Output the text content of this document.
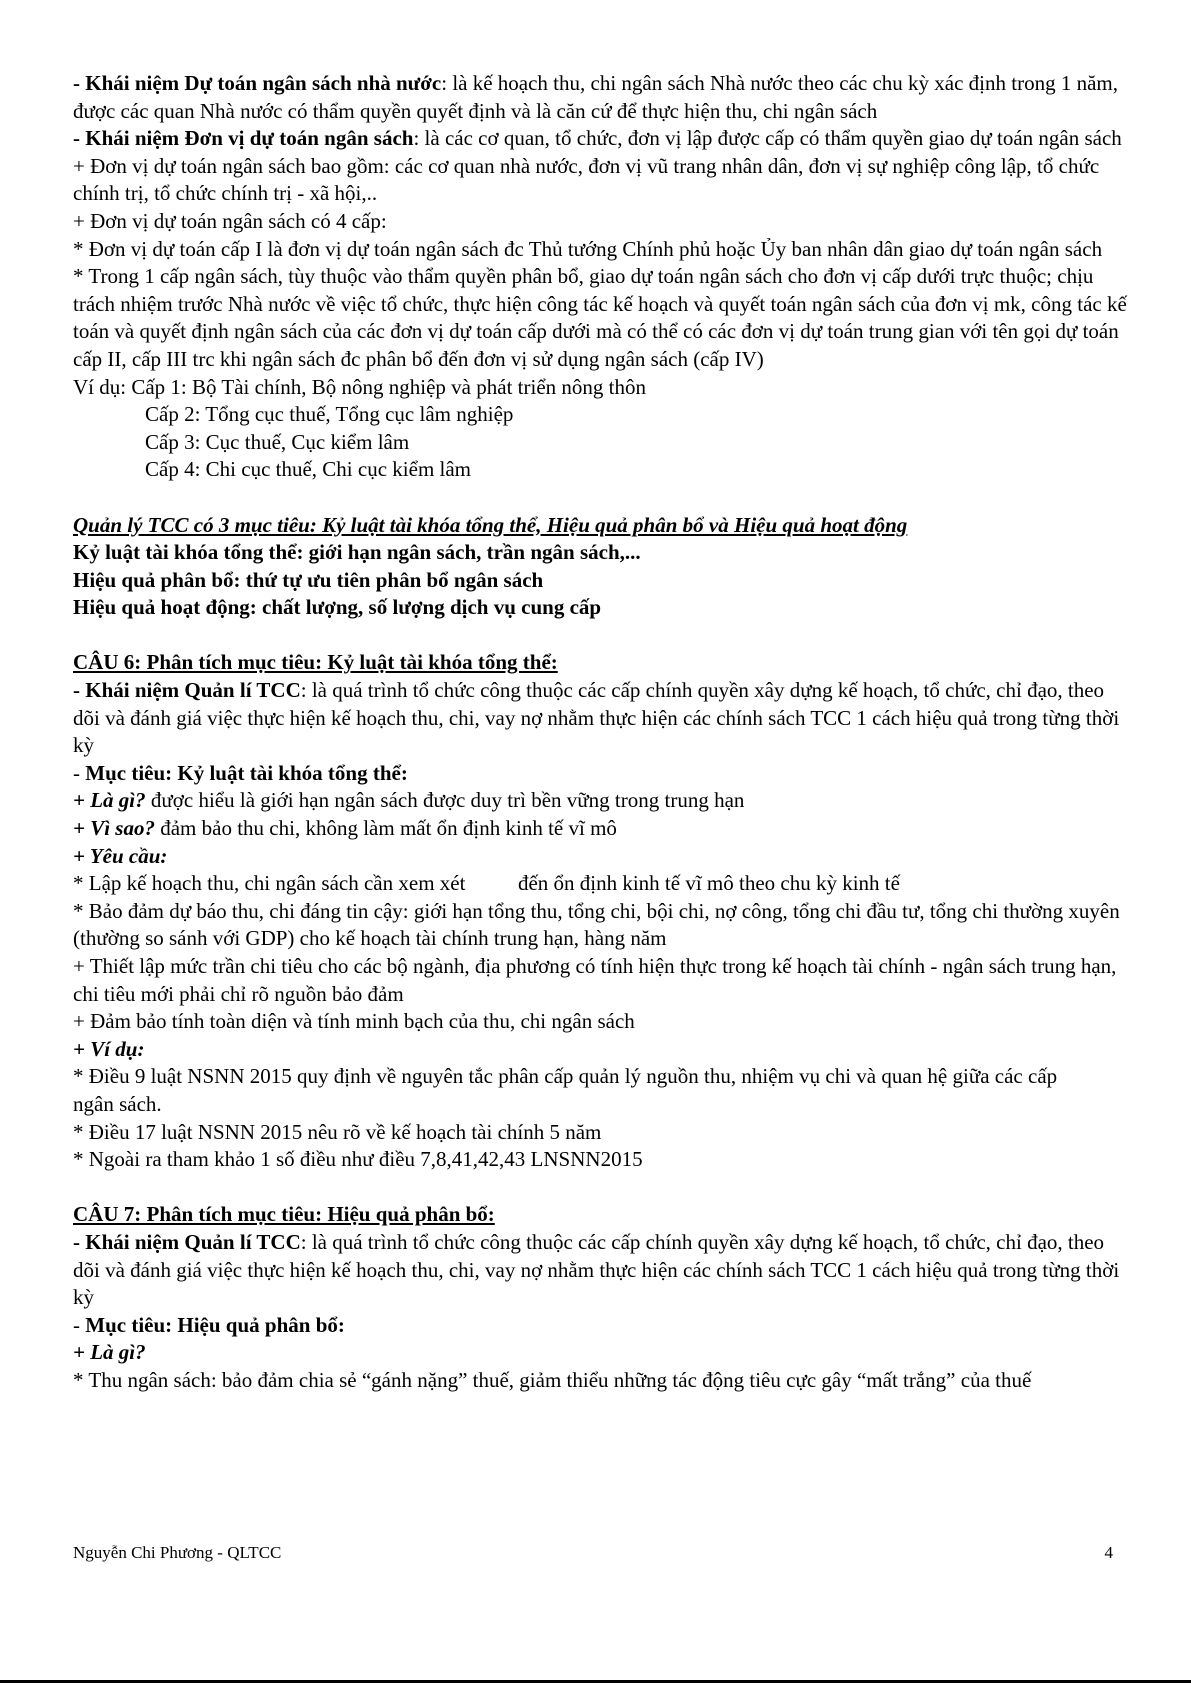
- Khái niệm Dự toán ngân sách nhà nước: là kế hoạch thu, chi ngân sách Nhà nước theo các chu kỳ xác định trong 1 năm, được các quan Nhà nước có thẩm quyền quyết định và là căn cứ để thực hiện thu, chi ngân sách

- Khái niệm Đơn vị dự toán ngân sách: là các cơ quan, tổ chức, đơn vị lập được cấp có thẩm quyền giao dự toán ngân sách

+ Đơn vị dự toán ngân sách bao gồm: các cơ quan nhà nước, đơn vị vũ trang nhân dân, đơn vị sự nghiệp công lập, tổ chức chính trị, tổ chức chính trị - xã hội,..

+ Đơn vị dự toán ngân sách có 4 cấp:

* Đơn vị dự toán cấp I là đơn vị dự toán ngân sách đc Thủ tướng Chính phủ hoặc Ủy ban nhân dân giao dự toán ngân sách

* Trong 1 cấp ngân sách, tùy thuộc vào thẩm quyền phân bổ, giao dự toán ngân sách cho đơn vị cấp dưới trực thuộc; chịu trách nhiệm trước Nhà nước về việc tổ chức, thực hiện công tác kế hoạch và quyết toán ngân sách của đơn vị mk, công tác kế toán và quyết định ngân sách của các đơn vị dự toán cấp dưới mà có thể có các đơn vị dự toán trung gian với tên gọi dự toán cấp II, cấp III trc khi ngân sách đc phân bổ đến đơn vị sử dụng ngân sách (cấp IV)

Ví dụ: Cấp 1: Bộ Tài chính, Bộ nông nghiệp và phát triển nông thôn

Cấp 2: Tổng cục thuế, Tổng cục lâm nghiệp

Cấp 3: Cục thuế, Cục kiểm lâm

Cấp 4: Chi cục thuế, Chi cục kiểm lâm

Quản lý TCC có 3 mục tiêu: Kỷ luật tài khóa tổng thể, Hiệu quả phân bổ và Hiệu quả hoạt động

Kỷ luật tài khóa tổng thể: giới hạn ngân sách, trần ngân sách,...

Hiệu quả phân bổ: thứ tự ưu tiên phân bổ ngân sách

Hiệu quả hoạt động: chất lượng, số lượng dịch vụ cung cấp

CÂU 6: Phân tích mục tiêu: Kỷ luật tài khóa tổng thể:

- Khái niệm Quản lí TCC: là quá trình tổ chức công thuộc các cấp chính quyền xây dựng kế hoạch, tổ chức, chỉ đạo, theo dõi và đánh giá việc thực hiện kế hoạch thu, chi, vay nợ nhằm thực hiện các chính sách TCC 1 cách hiệu quả trong từng thời kỳ

- Mục tiêu: Kỷ luật tài khóa tổng thể:

+ Là gì? được hiểu là giới hạn ngân sách được duy trì bền vững trong trung hạn

+ Vì sao? đảm bảo thu chi, không làm mất ổn định kinh tế vĩ mô

+ Yêu cầu:

* Lập kế hoạch thu, chi ngân sách cần xem xét          đến ổn định kinh tế vĩ mô theo chu kỳ kinh tế

* Bảo đảm dự báo thu, chi đáng tin cậy: giới hạn tổng thu, tổng chi, bội chi, nợ công, tổng chi đầu tư, tổng chi thường xuyên (thường so sánh với GDP) cho kế hoạch tài chính trung hạn, hàng năm

+ Thiết lập mức trần chi tiêu cho các bộ ngành, địa phương có tính hiện thực trong kế hoạch tài chính - ngân sách trung hạn, chi tiêu mới phải chỉ rõ nguồn bảo đảm

+ Đảm bảo tính toàn diện và tính minh bạch của thu, chi ngân sách

+ Ví dụ:

* Điều 9 luật NSNN 2015 quy định về nguyên tắc phân cấp quản lý nguồn thu, nhiệm vụ chi và quan hệ giữa các cấp ngân sách.

* Điều 17 luật NSNN 2015 nêu rõ về kế hoạch tài chính 5 năm

* Ngoài ra tham khảo 1 số điều như điều 7,8,41,42,43 LNSNN2015

CÂU 7: Phân tích mục tiêu: Hiệu quả phân bổ:

- Khái niệm Quản lí TCC: là quá trình tổ chức công thuộc các cấp chính quyền xây dựng kế hoạch, tổ chức, chỉ đạo, theo dõi và đánh giá việc thực hiện kế hoạch thu, chi, vay nợ nhằm thực hiện các chính sách TCC 1 cách hiệu quả trong từng thời kỳ

- Mục tiêu: Hiệu quả phân bổ:

+ Là gì?

* Thu ngân sách: bảo đảm chia sẻ “gánh nặng” thuế, giảm thiểu những tác động tiêu cực gây “mất trắng” của thuế

Nguyễn Chi Phương - QLTCC	4
